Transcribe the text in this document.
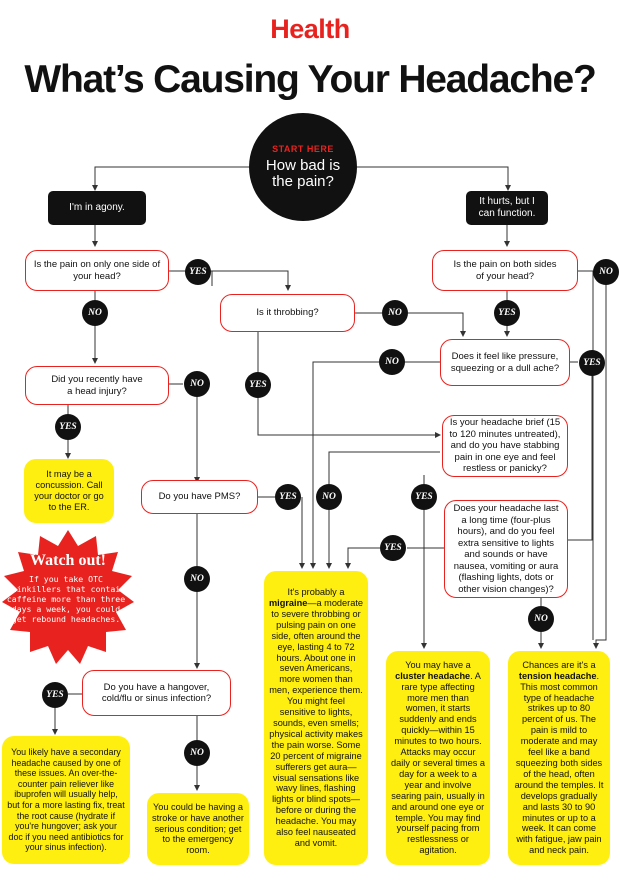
Health
What’s Causing Your Headache?
START HERE
How bad is the pain?
I'm in agony.
It hurts, but I can function.
Is the pain on only one side of your head?
Is the pain on both sides of your head?
Is it throbbing?
Does it feel like pressure, squeezing or a dull ache?
Did you recently have a head injury?
Is your headache brief (15 to 120 minutes untreated), and do you have stabbing pain in one eye and feel restless or panicky?
Do you have PMS?
Does your headache last a long time (four-plus hours), and do you feel extra sensitive to lights and sounds or have nausea, vomiting or aura (flashing lights, dots or other vision changes)?
Do you have a hangover, cold/flu or sinus infection?
YES	NO
NO	YES
NO
NO	YES
YES
NO
YES
YES	NO	YES
YES
NO
NO
YES
NO
It may be a concussion. Call your doctor or go to the ER.
It's probably a migraine—a moderate to severe throbbing or pulsing pain on one side, often around the eye, lasting 4 to 72 hours. About one in seven Americans, more women than men, experience them. You might feel sensitive to lights, sounds, even smells; physical activity makes the pain worse. Some 20 percent of migraine sufferers get aura—visual sensations like wavy lines, flashing lights or blind spots—before or during the headache. You may also feel nauseated and vomit.
You may have a cluster headache. A rare type affecting more men than women, it starts suddenly and ends quickly—within 15 minutes to two hours. Attacks may occur daily or several times a day for a week to a year and involve searing pain, usually in and around one eye or temple. You may find yourself pacing from restlessness or agitation.
Chances are it's a tension headache. This most common type of headache strikes up to 80 percent of us. The pain is mild to moderate and may feel like a band squeezing both sides of the head, often around the temples. It develops gradually and lasts 30 to 90 minutes or up to a week. It can come with fatigue, jaw pain and neck pain.
You likely have a secondary headache caused by one of these issues. An over-the-counter pain reliever like ibuprofen will usually help, but for a more lasting fix, treat the root cause (hydrate if you're hungover; ask your doc if you need antibiotics for your sinus infection).
You could be having a stroke or have another serious condition; get to the emergency room.
Watch out!
If you take OTC painkillers that contain caffeine more than three days a week, you could get rebound headaches.
